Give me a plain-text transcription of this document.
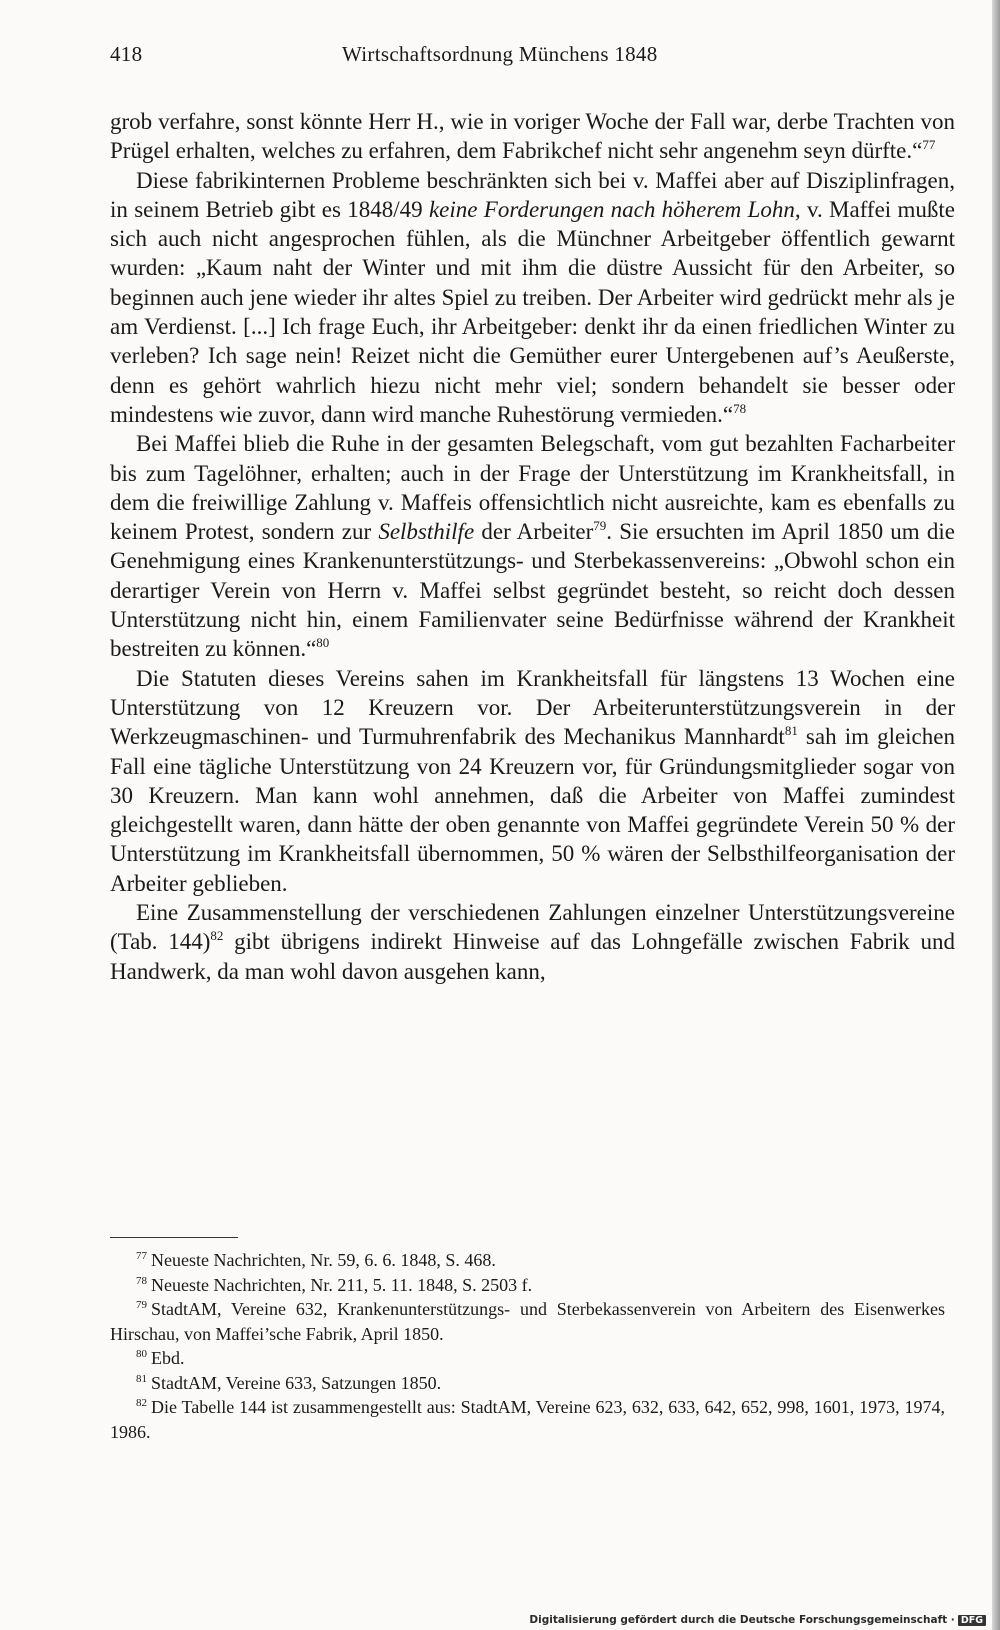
418	Wirtschaftsordnung Münchens 1848

grob verfahre, sonst könnte Herr H., wie in voriger Woche der Fall war, derbe Trachten von Prügel erhalten, welches zu erfahren, dem Fabrikchef nicht sehr angenehm seyn dürfte.“$^{77}$

Diese fabrikinternen Probleme beschränkten sich bei v. Maffei aber auf Disziplinfragen, in seinem Betrieb gibt es 1848/49 keine Forderungen nach höherem Lohn, v. Maffei mußte sich auch nicht angesprochen fühlen, als die Münchner Arbeitgeber öffentlich gewarnt wurden: „Kaum naht der Winter und mit ihm die düstre Aussicht für den Arbeiter, so beginnen auch jene wieder ihr altes Spiel zu treiben. Der Arbeiter wird gedrückt mehr als je am Verdienst. [...] Ich frage Euch, ihr Arbeitgeber: denkt ihr da einen friedlichen Winter zu verleben? Ich sage nein! Reizet nicht die Gemüther eurer Untergebenen auf’s Aeußerste, denn es gehört wahrlich hiezu nicht mehr viel; sondern behandelt sie besser oder mindestens wie zuvor, dann wird manche Ruhestörung vermieden.“$^{78}$

Bei Maffei blieb die Ruhe in der gesamten Belegschaft, vom gut bezahlten Facharbeiter bis zum Tagelöhner, erhalten; auch in der Frage der Unterstützung im Krankheitsfall, in dem die freiwillige Zahlung v. Maffeis offensichtlich nicht ausreichte, kam es ebenfalls zu keinem Protest, sondern zur Selbsthilfe der Arbeiter$^{79}$. Sie ersuchten im April 1850 um die Genehmigung eines Krankenunterstützungs- und Sterbekassenvereins: „Obwohl schon ein derartiger Verein von Herrn v. Maffei selbst gegründet besteht, so reicht doch dessen Unterstützung nicht hin, einem Familienvater seine Bedürfnisse während der Krankheit bestreiten zu können.“$^{80}$

Die Statuten dieses Vereins sahen im Krankheitsfall für längstens 13 Wochen eine Unterstützung von 12 Kreuzern vor. Der Arbeiterunterstützungsverein in der Werkzeugmaschinen- und Turmuhrenfabrik des Mechanikus Mannhardt$^{81}$ sah im gleichen Fall eine tägliche Unterstützung von 24 Kreuzern vor, für Gründungsmitglieder sogar von 30 Kreuzern. Man kann wohl annehmen, daß die Arbeiter von Maffei zumindest gleichgestellt waren, dann hätte der oben genannte von Maffei gegründete Verein 50 % der Unterstützung im Krankheitsfall übernommen, 50 % wären der Selbsthilfeorganisation der Arbeiter geblieben.

Eine Zusammenstellung der verschiedenen Zahlungen einzelner Unterstützungsvereine (Tab. 144)$^{82}$ gibt übrigens indirekt Hinweise auf das Lohngefälle zwischen Fabrik und Handwerk, da man wohl davon ausgehen kann,

$^{77}$ Neueste Nachrichten, Nr. 59, 6. 6. 1848, S. 468.

$^{78}$ Neueste Nachrichten, Nr. 211, 5. 11. 1848, S. 2503 f.

$^{79}$ StadtAM, Vereine 632, Krankenunterstützungs- und Sterbekassenverein von Arbeitern des Eisenwerkes Hirschau, von Maffei’sche Fabrik, April 1850.

$^{80}$ Ebd.

$^{81}$ StadtAM, Vereine 633, Satzungen 1850.

$^{82}$ Die Tabelle 144 ist zusammengestellt aus: StadtAM, Vereine 623, 632, 633, 642, 652, 998, 1601, 1973, 1974, 1986.

Digitalisierung gefördert durch die Deutsche Forschungsgemeinschaft · DFG
